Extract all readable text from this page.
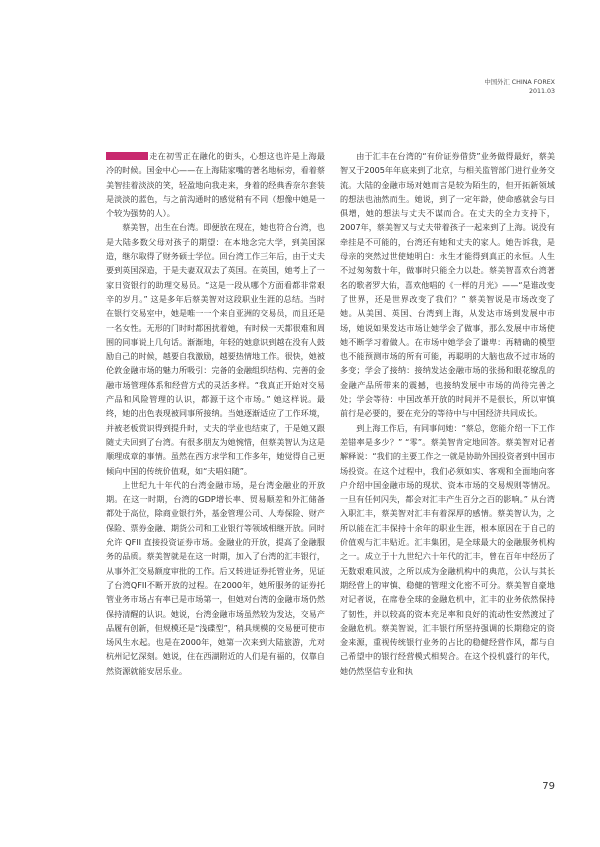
中国外汇 CHINA FOREX
2011.03

走在初雪正在融化的街头，心想这也许是上海最冷的时候。国金中心——在上海陆家嘴的著名地标旁，看着蔡美智挂着淡淡的笑，轻盈地向我走来，身着的经典香奈尔套装是淡淡的蓝色，与之前沟通时的感觉稍有不同（想像中她是一个较为强势的人）。

蔡美智，出生在台湾。即便放在现在，她也符合台湾，也是大陆多数父母对孩子的期望：在本地念完大学，到美国深造，继尔取得了财务硕士学位。回台湾工作三年后，由于丈夫要到英国深造，于是夫妻双双去了英国。在英国，她考上了一家日资银行的助理交易员。“这是一段从哪个方面看都非常艰辛的岁月。” 这是多年后蔡美智对这段职业生涯的总结。当时在银行交易室中，她是唯一一个来自亚洲的交易员，而且还是一名女性。无形的门时时都困扰着她，有时候一天都很难和周围的同事说上几句话。渐渐地，年轻的她意识到越在没有人鼓励自己的时候，越要自我激励，越要热情地工作。很快，她被伦敦金融市场的魅力所吸引：完备的金融组织结构、完善的金融市场管理体系和经营方式的灵活多样。“我真正开始对交易产品和风险管理的认识，都源于这个市场。” 她这样说。最终，她的出色表现被同事所接纳。当她逐渐适应了工作环境，并被老板赏识得到提升时，丈夫的学业也结束了，于是她又跟随丈夫回到了台湾。有很多朋友为她惋惜，但蔡美智认为这是顺理成章的事情。虽然在西方求学和工作多年，她觉得自己更倾向中国的传统价值观，如“夫唱妇随”。

上世纪九十年代的台湾金融市场，是台湾金融业的开放期。在这一时期，台湾的GDP增长率、贸易顺差和外汇储备都处于高位，除商业银行外，基金管理公司、人寿保险、财产保险、票券金融、期货公司和工业银行等领域相继开放。同时允许 QFII 直接投资证券市场。金融业的开放，提高了金融服务的品质。蔡美智就是在这一时期，加入了台湾的汇丰银行，从事外汇交易额度审批的工作。后又转进证券托管业务，见证了台湾QFII不断开放的过程。在2000年，她所服务的证券托管业务市场占有率已是市场第一，但她对台湾的金融市场仍然保持清醒的认识。她说，台湾金融市场虽然较为发达，交易产品履有创新，但规模还是“浅碟型”，稍具规模的交易便可使市场风生水起。也是在2000年，她第一次来到大陆旅游，尤对杭州记忆深刻。她说，住在西湖附近的人们是有福的，仅靠自然资源就能安居乐业。

由于汇丰在台湾的“有价证券借贷”业务做得最好，蔡美智又于2005年年底来到了北京，与相关监管部门进行业务交流。大陆的金融市场对她而言是较为陌生的，但开拓新领域的想法也油然而生。她说，到了一定年龄，使命感就会与日俱增，她的想法与丈夫不谋而合。在丈夫的全力支持下，2007年，蔡美智又与丈夫带着孩子一起来到了上海。说没有牵挂是不可能的，台湾还有她和丈夫的家人。她告诉我，是母亲的突然过世使她明白：永生才能得到真正的永恒。人生不过匆匆数十年，做事时只能全力以赴。蔡美智喜欢台湾著名的歌者罗大佑，喜欢他唱的《一样的月光》——“是谁改变了世界，还是世界改变了我们？” 蔡美智说是市场改变了她。从美国、英国、台湾到上海，从发达市场到发展中市场，她说如果发达市场让她学会了做事，那么发展中市场使她不断学习着做人。在市场中她学会了谦卑：再精确的模型也不能预测市场的所有可能，再聪明的大脑也敌不过市场的多变；学会了接纳：接纳发达金融市场的张扬和眼花缭乱的金融产品所带来的震撼，也接纳发展中市场的尚待完善之处；学会等待：中国改革开放的时间并不是很长，所以审慎前行是必要的，要在充分的等待中与中国经济共同成长。

到上海工作后，有同事问她：“蔡总，您能介绍一下工作差错率是多少？” “零”。蔡美智肯定地回答。蔡美智对记者解释说：“我们的主要工作之一就是协助外国投资者到中国市场投资。在这个过程中，我们必须如实、客观和全面地向客户介绍中国金融市场的现状、资本市场的交易规则等情况。一旦有任何闪失，都会对汇丰产生百分之百的影响。” 从台湾入职汇丰，蔡美智对汇丰有着深厚的感情。蔡美智认为，之所以能在汇丰保持十余年的职业生涯，根本原因在于自己的价值观与汇丰贴近。汇丰集团，是全球最大的金融服务机构之一。成立于十九世纪六十年代的汇丰，曾在百年中经历了无数艰难风波，之所以成为金融机构中的典范，公认与其长期经营上的审慎、稳健的管理文化密不可分。蔡美智自豪地对记者说，在席卷全球的金融危机中，汇丰的业务依然保持了韧性，并以较高的资本充足率和良好的流动性安然渡过了金融危机。蔡美智说，汇丰银行所坚持强调的长期稳定的资金来源，重视传统银行业务的占比的稳健经营作风，都与自己希望中的银行经营模式相契合。在这个投机盛行的年代，她仍然坚信专业和执

79
